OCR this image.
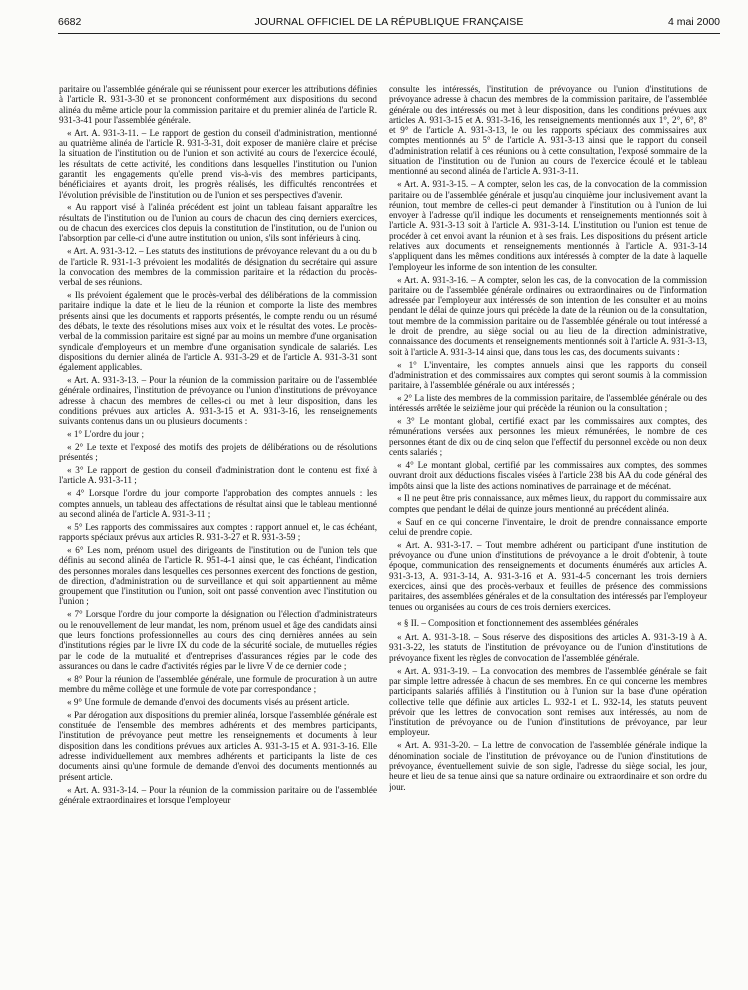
6682	JOURNAL OFFICIEL DE LA RÉPUBLIQUE FRANÇAISE	4 mai 2000

paritaire ou l'assemblée générale qui se réunissent pour exercer les attributions définies à l'article R. 931-3-30 et se prononcent conformément aux dispositions du second alinéa du même article pour la commission paritaire et du premier alinéa de l'article R. 931-3-41 pour l'assemblée générale.

« Art. A. 931-3-11. – Le rapport de gestion du conseil d'administration, mentionné au quatrième alinéa de l'article R. 931-3-31, doit exposer de manière claire et précise la situation de l'institution ou de l'union et son activité au cours de l'exercice écoulé, les résultats de cette activité, les conditions dans lesquelles l'institution ou l'union garantit les engagements qu'elle prend vis-à-vis des membres participants, bénéficiaires et ayants droit, les progrès réalisés, les difficultés rencontrées et l'évolution prévisible de l'institution ou de l'union et ses perspectives d'avenir.

« Au rapport visé à l'alinéa précédent est joint un tableau faisant apparaître les résultats de l'institution ou de l'union au cours de chacun des cinq derniers exercices, ou de chacun des exercices clos depuis la constitution de l'institution, ou de l'union ou l'absorption par celle-ci d'une autre institution ou union, s'ils sont inférieurs à cinq.

« Art. A. 931-3-12. – Les statuts des institutions de prévoyance relevant du a ou du b de l'article R. 931-1-3 prévoient les modalités de désignation du secrétaire qui assure la convocation des membres de la commission paritaire et la rédaction du procès-verbal de ses réunions.

« Ils prévoient également que le procès-verbal des délibérations de la commission paritaire indique la date et le lieu de la réunion et comporte la liste des membres présents ainsi que les documents et rapports présentés, le compte rendu ou un résumé des débats, le texte des résolutions mises aux voix et le résultat des votes. Le procès-verbal de la commission paritaire est signé par au moins un membre d'une organisation syndicale d'employeurs et un membre d'une organisation syndicale de salariés. Les dispositions du dernier alinéa de l'article A. 931-3-29 et de l'article A. 931-3-31 sont également applicables.

« Art. A. 931-3-13. – Pour la réunion de la commission paritaire ou de l'assemblée générale ordinaires, l'institution de prévoyance ou l'union d'institutions de prévoyance adresse à chacun des membres de celles-ci ou met à leur disposition, dans les conditions prévues aux articles A. 931-3-15 et A. 931-3-16, les renseignements suivants contenus dans un ou plusieurs documents :

« 1° L'ordre du jour ;

« 2° Le texte et l'exposé des motifs des projets de délibérations ou de résolutions présentés ;

« 3° Le rapport de gestion du conseil d'administration dont le contenu est fixé à l'article A. 931-3-11 ;

« 4° Lorsque l'ordre du jour comporte l'approbation des comptes annuels : les comptes annuels, un tableau des affectations de résultat ainsi que le tableau mentionné au second alinéa de l'article A. 931-3-11 ;

« 5° Les rapports des commissaires aux comptes : rapport annuel et, le cas échéant, rapports spéciaux prévus aux articles R. 931-3-27 et R. 931-3-59 ;

« 6° Les nom, prénom usuel des dirigeants de l'institution ou de l'union tels que définis au second alinéa de l'article R. 951-4-1 ainsi que, le cas échéant, l'indication des personnes morales dans lesquelles ces personnes exercent des fonctions de gestion, de direction, d'administration ou de surveillance et qui soit appartiennent au même groupement que l'institution ou l'union, soit ont passé convention avec l'institution ou l'union ;

« 7° Lorsque l'ordre du jour comporte la désignation ou l'élection d'administrateurs ou le renouvellement de leur mandat, les nom, prénom usuel et âge des candidats ainsi que leurs fonctions professionnelles au cours des cinq dernières années au sein d'institutions régies par le livre IX du code de la sécurité sociale, de mutuelles régies par le code de la mutualité et d'entreprises d'assurances régies par le code des assurances ou dans le cadre d'activités régies par le livre V de ce dernier code ;

« 8° Pour la réunion de l'assemblée générale, une formule de procuration à un autre membre du même collège et une formule de vote par correspondance ;

« 9° Une formule de demande d'envoi des documents visés au présent article.

« Par dérogation aux dispositions du premier alinéa, lorsque l'assemblée générale est constituée de l'ensemble des membres adhérents et des membres participants, l'institution de prévoyance peut mettre les renseignements et documents à leur disposition dans les conditions prévues aux articles A. 931-3-15 et A. 931-3-16. Elle adresse individuellement aux membres adhérents et participants la liste de ces documents ainsi qu'une formule de demande d'envoi des documents mentionnés au présent article.

« Art. A. 931-3-14. – Pour la réunion de la commission paritaire ou de l'assemblée générale extraordinaires et lorsque l'employeur

consulte les intéressés, l'institution de prévoyance ou l'union d'institutions de prévoyance adresse à chacun des membres de la commission paritaire, de l'assemblée générale ou des intéressés ou met à leur disposition, dans les conditions prévues aux articles A. 931-3-15 et A. 931-3-16, les renseignements mentionnés aux 1°, 2°, 6°, 8° et 9° de l'article A. 931-3-13, le ou les rapports spéciaux des commissaires aux comptes mentionnés au 5° de l'article A. 931-3-13 ainsi que le rapport du conseil d'administration relatif à ces réunions ou à cette consultation, l'exposé sommaire de la situation de l'institution ou de l'union au cours de l'exercice écoulé et le tableau mentionné au second alinéa de l'article A. 931-3-11.

« Art. A. 931-3-15. – A compter, selon les cas, de la convocation de la commission paritaire ou de l'assemblée générale et jusqu'au cinquième jour inclusivement avant la réunion, tout membre de celles-ci peut demander à l'institution ou à l'union de lui envoyer à l'adresse qu'il indique les documents et renseignements mentionnés soit à l'article A. 931-3-13 soit à l'article A. 931-3-14. L'institution ou l'union est tenue de procéder à cet envoi avant la réunion et à ses frais. Les dispositions du présent article relatives aux documents et renseignements mentionnés à l'article A. 931-3-14 s'appliquent dans les mêmes conditions aux intéressés à compter de la date à laquelle l'employeur les informe de son intention de les consulter.

« Art. A. 931-3-16. – A compter, selon les cas, de la convocation de la commission paritaire ou de l'assemblée générale ordinaires ou extraordinaires ou de l'information adressée par l'employeur aux intéressés de son intention de les consulter et au moins pendant le délai de quinze jours qui précède la date de la réunion ou de la consultation, tout membre de la commission paritaire ou de l'assemblée générale ou tout intéressé a le droit de prendre, au siège social ou au lieu de la direction administrative, connaissance des documents et renseignements mentionnés soit à l'article A. 931-3-13, soit à l'article A. 931-3-14 ainsi que, dans tous les cas, des documents suivants :

« 1° L'inventaire, les comptes annuels ainsi que les rapports du conseil d'administration et des commissaires aux comptes qui seront soumis à la commission paritaire, à l'assemblée générale ou aux intéressés ;

« 2° La liste des membres de la commission paritaire, de l'assemblée générale ou des intéressés arrêtée le seizième jour qui précède la réunion ou la consultation ;

« 3° Le montant global, certifié exact par les commissaires aux comptes, des rémunérations versées aux personnes les mieux rémunérées, le nombre de ces personnes étant de dix ou de cinq selon que l'effectif du personnel excède ou non deux cents salariés ;

« 4° Le montant global, certifié par les commissaires aux comptes, des sommes ouvrant droit aux déductions fiscales visées à l'article 238 bis AA du code général des impôts ainsi que la liste des actions nominatives de parrainage et de mécénat.

« Il ne peut être pris connaissance, aux mêmes lieux, du rapport du commissaire aux comptes que pendant le délai de quinze jours mentionné au précédent alinéa.

« Sauf en ce qui concerne l'inventaire, le droit de prendre connaissance emporte celui de prendre copie.

« Art. A. 931-3-17. – Tout membre adhérent ou participant d'une institution de prévoyance ou d'une union d'institutions de prévoyance a le droit d'obtenir, à toute époque, communication des renseignements et documents énumérés aux articles A. 931-3-13, A. 931-3-14, A. 931-3-16 et A. 931-4-5 concernant les trois derniers exercices, ainsi que des procès-verbaux et feuilles de présence des commissions paritaires, des assemblées générales et de la consultation des intéressés par l'employeur tenues ou organisées au cours de ces trois derniers exercices.

« § II. – Composition et fonctionnement des assemblées générales

« Art. A. 931-3-18. – Sous réserve des dispositions des articles A. 931-3-19 à A. 931-3-22, les statuts de l'institution de prévoyance ou de l'union d'institutions de prévoyance fixent les règles de convocation de l'assemblée générale.

« Art. A. 931-3-19. – La convocation des membres de l'assemblée générale se fait par simple lettre adressée à chacun de ses membres. En ce qui concerne les membres participants salariés affiliés à l'institution ou à l'union sur la base d'une opération collective telle que définie aux articles L. 932-1 et L. 932-14, les statuts peuvent prévoir que les lettres de convocation sont remises aux intéressés, au nom de l'institution de prévoyance ou de l'union d'institutions de prévoyance, par leur employeur.

« Art. A. 931-3-20. – La lettre de convocation de l'assemblée générale indique la dénomination sociale de l'institution de prévoyance ou de l'union d'institutions de prévoyance, éventuellement suivie de son sigle, l'adresse du siège social, les jour, heure et lieu de sa tenue ainsi que sa nature ordinaire ou extraordinaire et son ordre du jour.
